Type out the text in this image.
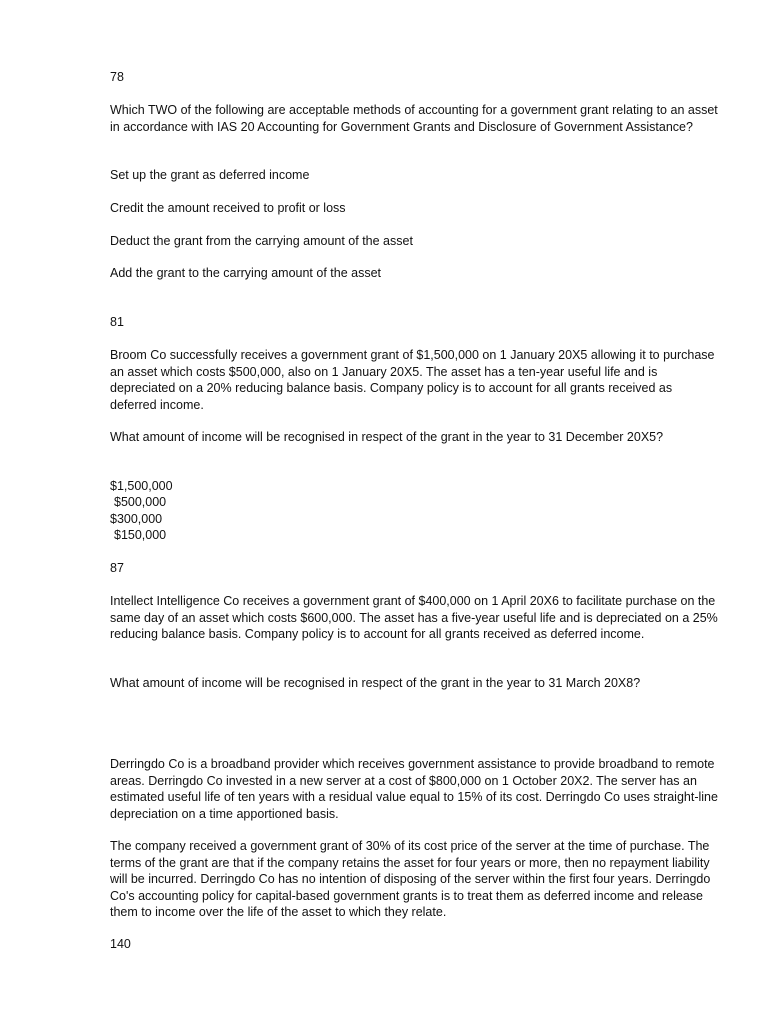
78

Which TWO of the following are acceptable methods of accounting for a government grant relating to an asset in accordance with IAS 20 Accounting for Government Grants and Disclosure of Government Assistance?

Set up the grant as deferred income

Credit the amount received to profit or loss

Deduct the grant from the carrying amount of the asset

Add the grant to the carrying amount of the asset

81

Broom Co successfully receives a government grant of $1,500,000 on 1 January 20X5 allowing it to purchase an asset which costs $500,000, also on 1 January 20X5. The asset has a ten-year useful life and is depreciated on a 20% reducing balance basis. Company policy is to account for all grants received as deferred income.

What amount of income will be recognised in respect of the grant in the year to 31 December 20X5?

$1,500,000

$500,000

$300,000

$150,000

87

Intellect Intelligence Co receives a government grant of $400,000 on 1 April 20X6 to facilitate purchase on the same day of an asset which costs $600,000. The asset has a five-year useful life and is depreciated on a 25% reducing balance basis. Company policy is to account for all grants received as deferred income.

What amount of income will be recognised in respect of the grant in the year to 31 March 20X8?

Derringdo Co is a broadband provider which receives government assistance to provide broadband to remote areas. Derringdo Co invested in a new server at a cost of $800,000 on 1 October 20X2. The server has an estimated useful life of ten years with a residual value equal to 15% of its cost. Derringdo Co uses straight-line depreciation on a time apportioned basis.

The company received a government grant of 30% of its cost price of the server at the time of purchase. The terms of the grant are that if the company retains the asset for four years or more, then no repayment liability will be incurred. Derringdo Co has no intention of disposing of the server within the first four years. Derringdo Co's accounting policy for capital-based government grants is to treat them as deferred income and release them to income over the life of the asset to which they relate.

140
